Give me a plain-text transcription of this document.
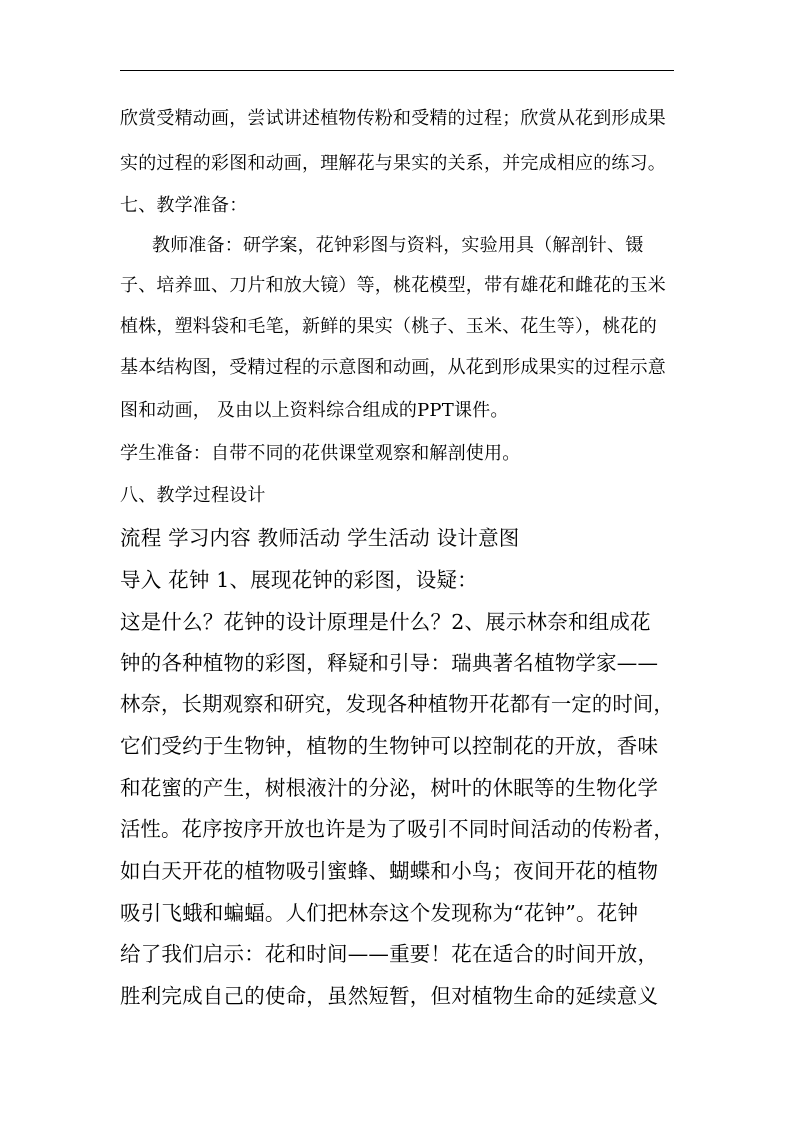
欣赏受精动画，尝试讲述植物传粉和受精的过程；欣赏从花到形成果
实的过程的彩图和动画，理解花与果实的关系，并完成相应的练习。
七、教学准备：
教师准备：研学案，花钟彩图与资料，实验用具（解剖针、镊
子、培养皿、刀片和放大镜）等，桃花模型，带有雄花和雌花的玉米
植株，塑料袋和毛笔，新鲜的果实（桃子、玉米、花生等），桃花的
基本结构图，受精过程的示意图和动画，从花到形成果实的过程示意
图和动画， 及由以上资料综合组成的PPT课件。
学生准备：自带不同的花供课堂观察和解剖使用。
八、教学过程设计
流程 学习内容 教师活动 学生活动 设计意图
导入 花钟 1、展现花钟的彩图，设疑：
这是什么？花钟的设计原理是什么？2、展示林奈和组成花
钟的各种植物的彩图，释疑和引导：瑞典著名植物学家——
林奈，长期观察和研究，发现各种植物开花都有一定的时间，
它们受约于生物钟，植物的生物钟可以控制花的开放，香味
和花蜜的产生，树根液汁的分泌，树叶的休眠等的生物化学
活性。花序按序开放也许是为了吸引不同时间活动的传粉者，
如白天开花的植物吸引蜜蜂、蝴蝶和小鸟；夜间开花的植物
吸引飞蛾和蝙蝠。人们把林奈这个发现称为“花钟”。花钟
给了我们启示：花和时间——重要！花在适合的时间开放，
胜利完成自己的使命，虽然短暂，但对植物生命的延续意义
